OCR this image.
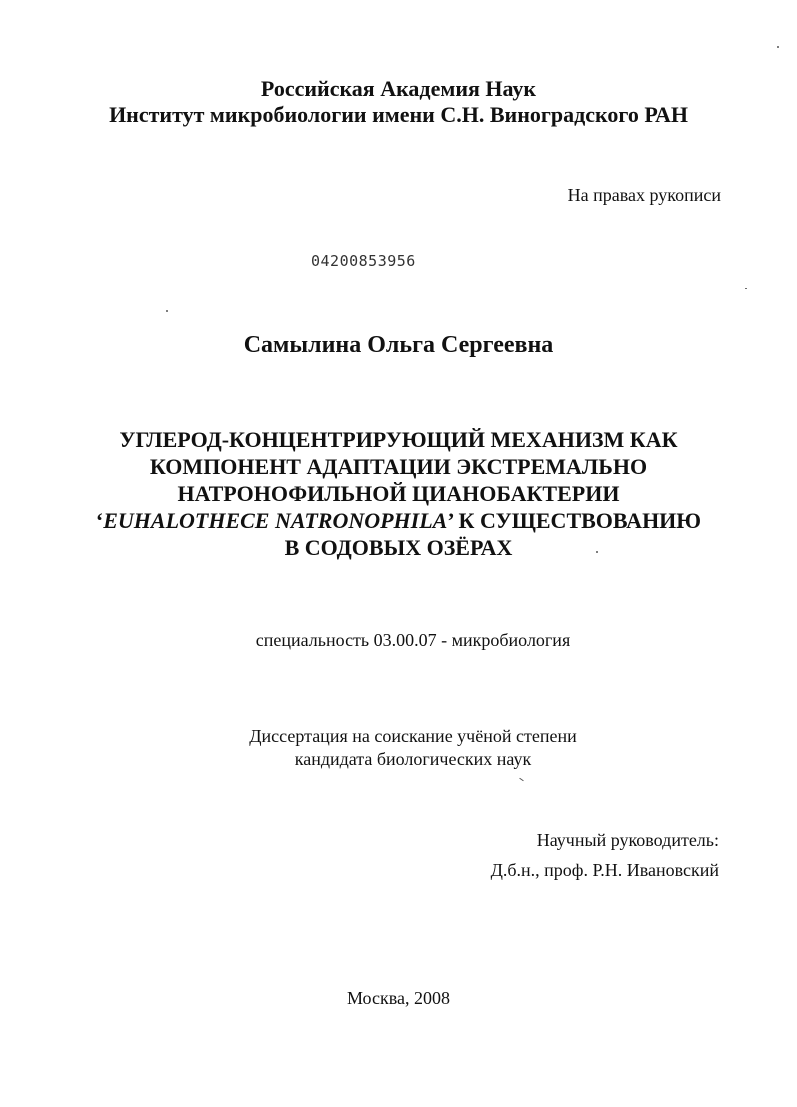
Российская Академия Наук
Институт микробиологии имени С.Н. Виноградского РАН
На правах рукописи
04200853956
Самылина Ольга Сергеевна
УГЛЕРОД-КОНЦЕНТРИРУЮЩИЙ МЕХАНИЗМ КАК КОМПОНЕНТ АДАПТАЦИИ ЭКСТРЕМАЛЬНО НАТРОНОФИЛЬНОЙ ЦИАНОБАКТЕРИИ ‘EUHALOTHECE NATRONOPHILA’ К СУЩЕСТВОВАНИЮ В СОДОВЫХ ОЗЁРАХ
специальность 03.00.07 - микробиология
Диссертация на соискание учёной степени
кандидата биологических наук
Научный руководитель:
Д.б.н., проф. Р.Н. Ивановский
Москва, 2008
